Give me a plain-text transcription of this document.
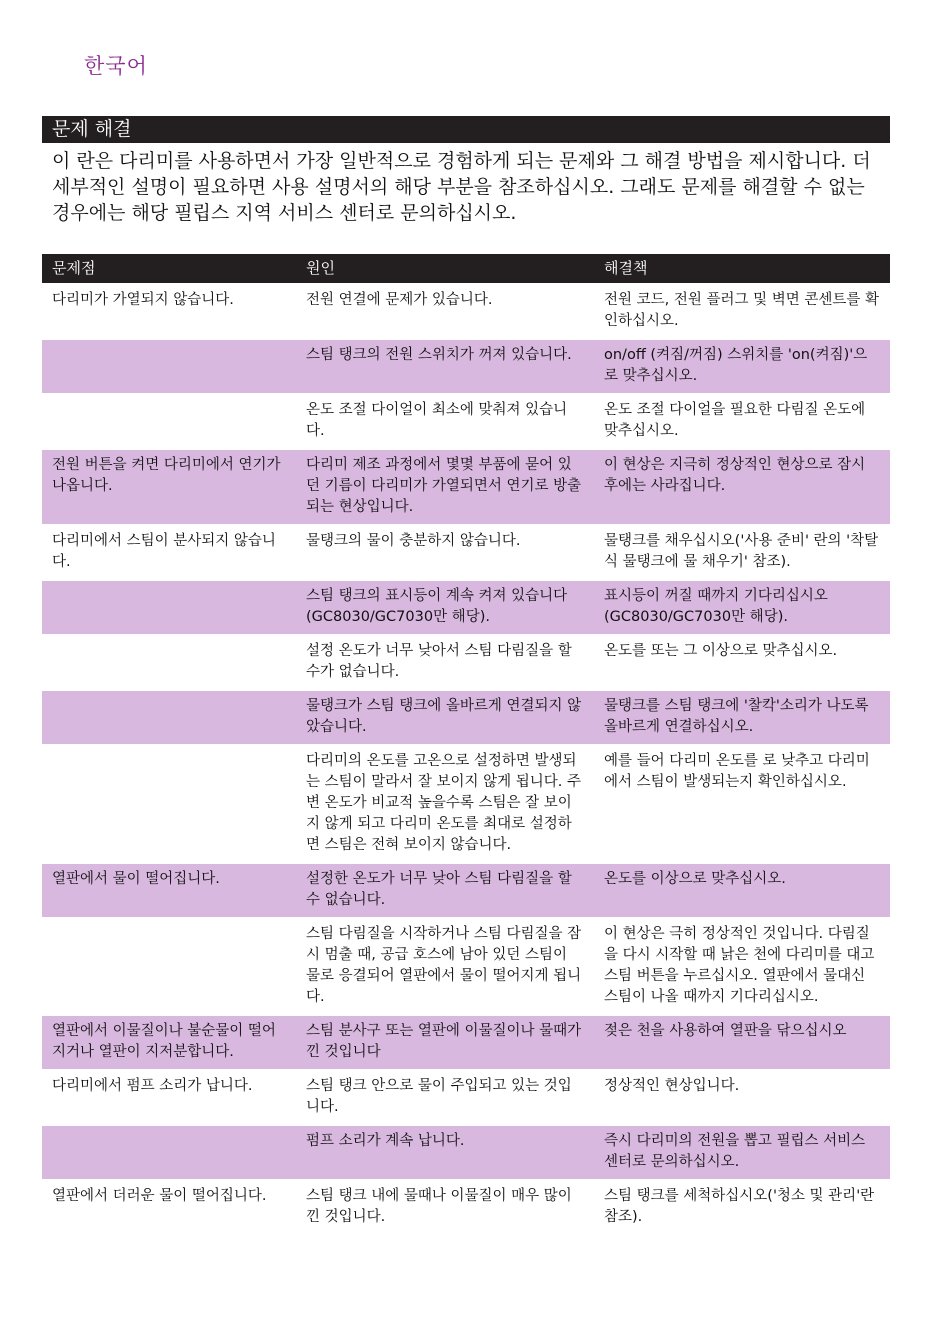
한국어
문제 해결

이 란은 다리미를 사용하면서 가장 일반적으로 경험하게 되는 문제와 그 해결 방법을 제시합니다. 더 세부적인 설명이 필요하면 사용 설명서의 해당 부분을 참조하십시오. 그래도 문제를 해결할 수 없는 경우에는 해당 필립스 지역 서비스 센터로 문의하십시오.

문제점	원인	해결책
다리미가 가열되지 않습니다.	전원 연결에 문제가 있습니다.	전원 코드, 전원 플러그 및 벽면 콘센트를 확인하십시오.
	스팀 탱크의 전원 스위치가 꺼져 있습니다.	on/off (켜짐/꺼짐) 스위치를 'on(켜짐)'으로 맞추십시오.
	온도 조절 다이얼이 최소에 맞춰져 있습니다.	온도 조절 다이얼을 필요한 다림질 온도에 맞추십시오.
전원 버튼을 켜면 다리미에서 연기가 나옵니다.	다리미 제조 과정에서 몇몇 부품에 묻어 있던 기름이 다리미가 가열되면서 연기로 방출되는 현상입니다.	이 현상은 지극히 정상적인 현상으로 잠시 후에는 사라집니다.
다리미에서 스팀이 분사되지 않습니다.	물탱크의 물이 충분하지 않습니다.	물탱크를 채우십시오('사용 준비' 란의 '착탈식 물탱크에 물 채우기' 참조).
	스팀 탱크의 표시등이 계속 켜져 있습니다(GC8030/GC7030만 해당).	표시등이 꺼질 때까지 기다리십시오 (GC8030/GC7030만 해당).
	설정 온도가 너무 낮아서 스팀 다림질을 할 수가 없습니다.	온도를 또는 그 이상으로 맞추십시오.
	물탱크가 스팀 탱크에 올바르게 연결되지 않았습니다.	물탱크를 스팀 탱크에 '찰칵'소리가 나도록 올바르게 연결하십시오.
	다리미의 온도를 고온으로 설정하면 발생되는 스팀이 말라서 잘 보이지 않게 됩니다. 주변 온도가 비교적 높을수록 스팀은 잘 보이지 않게 되고 다리미 온도를 최대로 설정하면 스팀은 전혀 보이지 않습니다.	예를 들어 다리미 온도를 로 낮추고 다리미에서 스팀이 발생되는지 확인하십시오.
열판에서 물이 떨어집니다.	설정한 온도가 너무 낮아 스팀 다림질을 할 수 없습니다.	온도를 이상으로 맞추십시오.
	스팀 다림질을 시작하거나 스팀 다림질을 잠시 멈출 때, 공급 호스에 남아 있던 스팀이 물로 응결되어 열판에서 물이 떨어지게 됩니다.	이 현상은 극히 정상적인 것입니다. 다림질을 다시 시작할 때 낡은 천에 다리미를 대고 스팀 버튼을 누르십시오. 열판에서 물대신 스팀이 나올 때까지 기다리십시오.
열판에서 이물질이나 불순물이 떨어지거나 열판이 지저분합니다.	스팀 분사구 또는 열판에 이물질이나 물때가 낀 것입니다	젖은 천을 사용하여 열판을 닦으십시오
다리미에서 펌프 소리가 납니다.	스팀 탱크 안으로 물이 주입되고 있는 것입니다.	정상적인 현상입니다.
	펌프 소리가 계속 납니다.	즉시 다리미의 전원을 뽑고 필립스 서비스 센터로 문의하십시오.
열판에서 더러운 물이 떨어집니다.	스팀 탱크 내에 물때나 이물질이 매우 많이 낀 것입니다.	스팀 탱크를 세척하십시오('청소 및 관리'란 참조).
